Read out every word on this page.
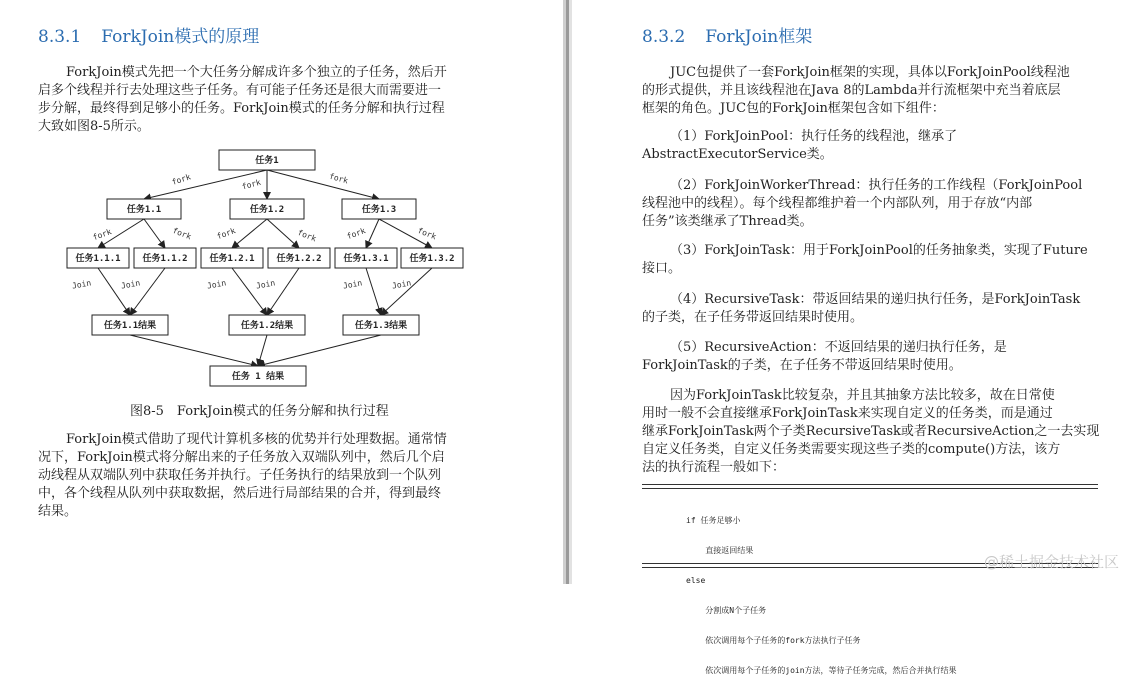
8.3.1 ForkJoin模式的原理
ForkJoin模式先把一个大任务分解成许多个独立的子任务，然后开
启多个线程并行去处理这些子任务。有可能子任务还是很大而需要进一
步分解，最终得到足够小的任务。ForkJoin模式的任务分解和执行过程
大致如图8-5所示。
fork	fork	fork
fork	fork	fork	fork	fork	fork
Join	Join	Join	Join	Join	Join
任务1
任务1.1	任务1.2	任务1.3
任务1.1.1 任务1.1.2 任务1.2.1 任务1.2.2 任务1.3.1 任务1.3.2
任务1.1结果	任务1.2结果	任务1.3结果
任务 1 结果
图8-5　ForkJoin模式的任务分解和执行过程
ForkJoin模式借助了现代计算机多核的优势并行处理数据。通常情
况下，ForkJoin模式将分解出来的子任务放入双端队列中，然后几个启
动线程从双端队列中获取任务并执行。子任务执行的结果放到一个队列
中，各个线程从队列中获取数据，然后进行局部结果的合并，得到最终
结果。
8.3.2 ForkJoin框架
JUC包提供了一套ForkJoin框架的实现，具体以ForkJoinPool线程池
的形式提供，并且该线程池在Java 8的Lambda并行流框架中充当着底层
框架的角色。JUC包的ForkJoin框架包含如下组件：
（1）ForkJoinPool：执行任务的线程池，继承了
AbstractExecutorService类。
（2）ForkJoinWorkerThread：执行任务的工作线程（ForkJoinPool
线程池中的线程）。每个线程都维护着一个内部队列，用于存放“内部
任务”该类继承了Thread类。
（3）ForkJoinTask：用于ForkJoinPool的任务抽象类，实现了Future
接口。
（4）RecursiveTask：带返回结果的递归执行任务，是ForkJoinTask
的子类，在子任务带返回结果时使用。
（5）RecursiveAction：不返回结果的递归执行任务，是
ForkJoinTask的子类，在子任务不带返回结果时使用。
因为ForkJoinTask比较复杂，并且其抽象方法比较多，故在日常使
用时一般不会直接继承ForkJoinTask来实现自定义的任务类，而是通过
继承ForkJoinTask两个子类RecursiveTask或者RecursiveAction之一去实现
自定义任务类，自定义任务类需要实现这些子类的compute()方法，该方
法的执行流程一般如下：

if 任务足够小

直接返回结果

else

分割成N个子任务

依次调用每个子任务的fork方法执行子任务

依次调用每个子任务的join方法，等待子任务完成，然后合并执行结果

@稀土掘金技术社区
